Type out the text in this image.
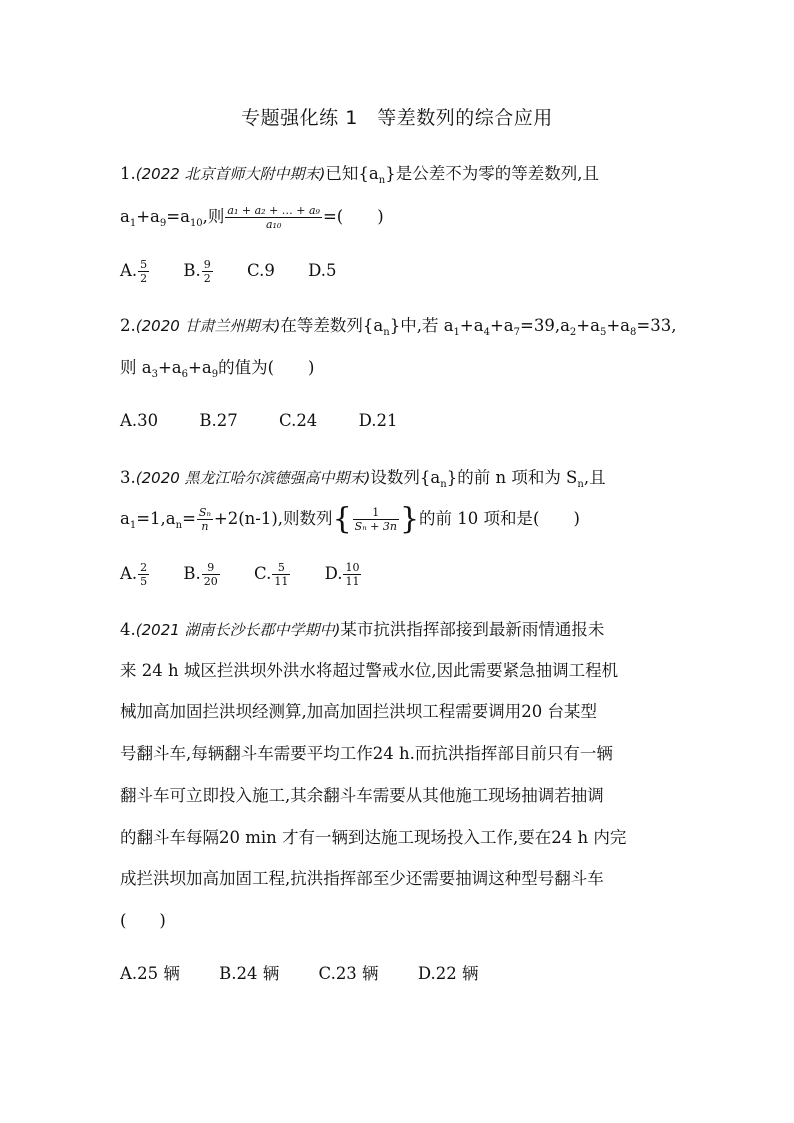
专题强化练 1　等差数列的综合应用
1.(2022 北京首师大附中期末)已知$\{a_n\}$是公差不为零的等差数列,且
$a_1+a_9=a_{10}$,则 $\frac{\text{a₁ + a₂ + … + a₉}}{\text{a₁₀}}$ =( )
A. $\frac{5}{2} B$. $\frac{9}{2} C.9$ D.5
2.(2020 甘肃兰州期末)在等差数列$\{a_n\}$中,若 $a_1+a_4+a_7=39,a_2+a_5+a_8=33$,
则 $a_3+a_6+a_9$的值为( )
A.30	B.27	C.24	D.21
3.(2020 黑龙江哈尔滨德强高中期末)设数列$\{a_n\}$的前 n 项和为 $S_n$,且
$a_1=1,a_n= \frac{\text{Sₙ}}{n} +2(n-1)$,则数列{ $\frac{1}{\text{Sₙ + 3n}}$ }的前 10 项和是( )
A. $\frac{2}{5} B$. $\frac{9}{20} C$. $\frac{5}{11} D$. $\frac{10}{11}$
4.(2021 湖南长沙长郡中学期中)某市抗洪指挥部接到最新雨情通报未
来 24 h 城区拦洪坝外洪水将超过警戒水位,因此需要紧急抽调工程机
械加高加固拦洪坝经测算,加高加固拦洪坝工程需要调用20 台某型
号翻斗车,每辆翻斗车需要平均工作24 h.而抗洪指挥部目前只有一辆
翻斗车可立即投入施工,其余翻斗车需要从其他施工现场抽调若抽调
的翻斗车每隔20 min 才有一辆到达施工现场投入工作,要在24 h 内完
成拦洪坝加高加固工程,抗洪指挥部至少还需要抽调这种型号翻斗车
(　　)
A.25 辆 B.24 辆 C.23 辆 D.22 辆
